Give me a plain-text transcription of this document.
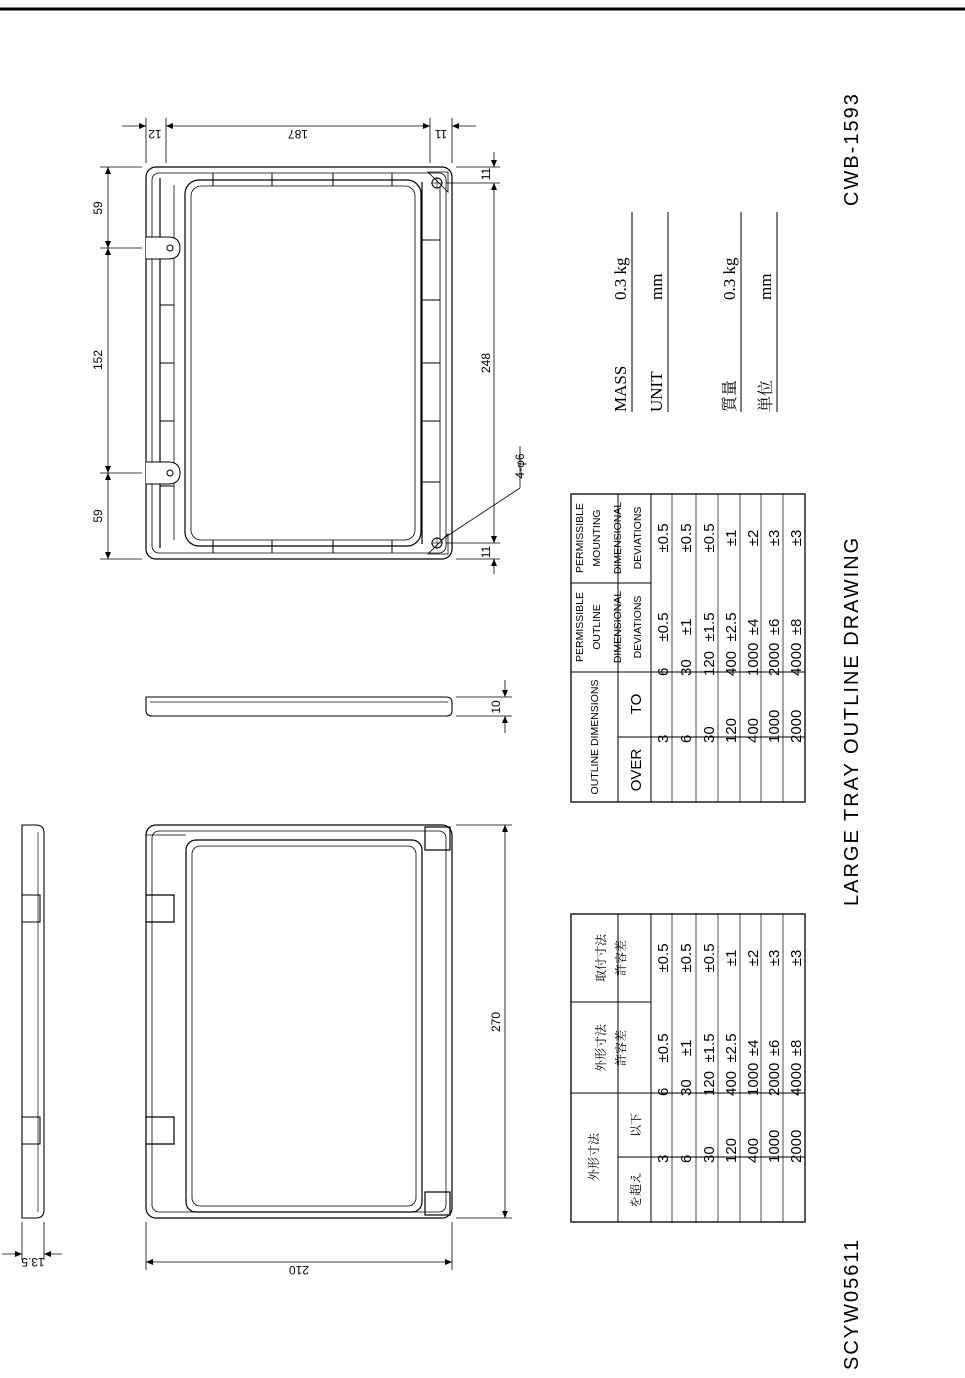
12	187	11
59
152
59
11
248
11
4-φ6
10
270
210
13.5
OUTLINE DIMENSIONS OVER
TO
PERMISSIBLE OUTLINE DIMENSIONAL DEVIATIONS
PERMISSIBLE MOUNTING DIMENSIONAL DEVIATIONS
3
6
±0.5
±0.5
6
30
±1
±0.5
30
120
±1.5
±0.5
120
400
±2.5
±1
400
1000
±4
±2
1000
2000
±6
±3
2000
4000
±8
±3
外形寸法
を超え
以下
外形寸法 許容差
取付寸法 許容差
3
6
±0.5
±0.5
6
30
±1
±0.5
30
120
±1.5
±0.5
120
400
±2.5
±1
400
1000
±4
±2
1000
2000
±6
±3
2000
4000
±8
±3
MASS
0.3 kg
UNIT
mm
質量
0.3 kg
単位
mm
CWB-1593
LARGE TRAY OUTLINE DRAWING
SCYW05611
